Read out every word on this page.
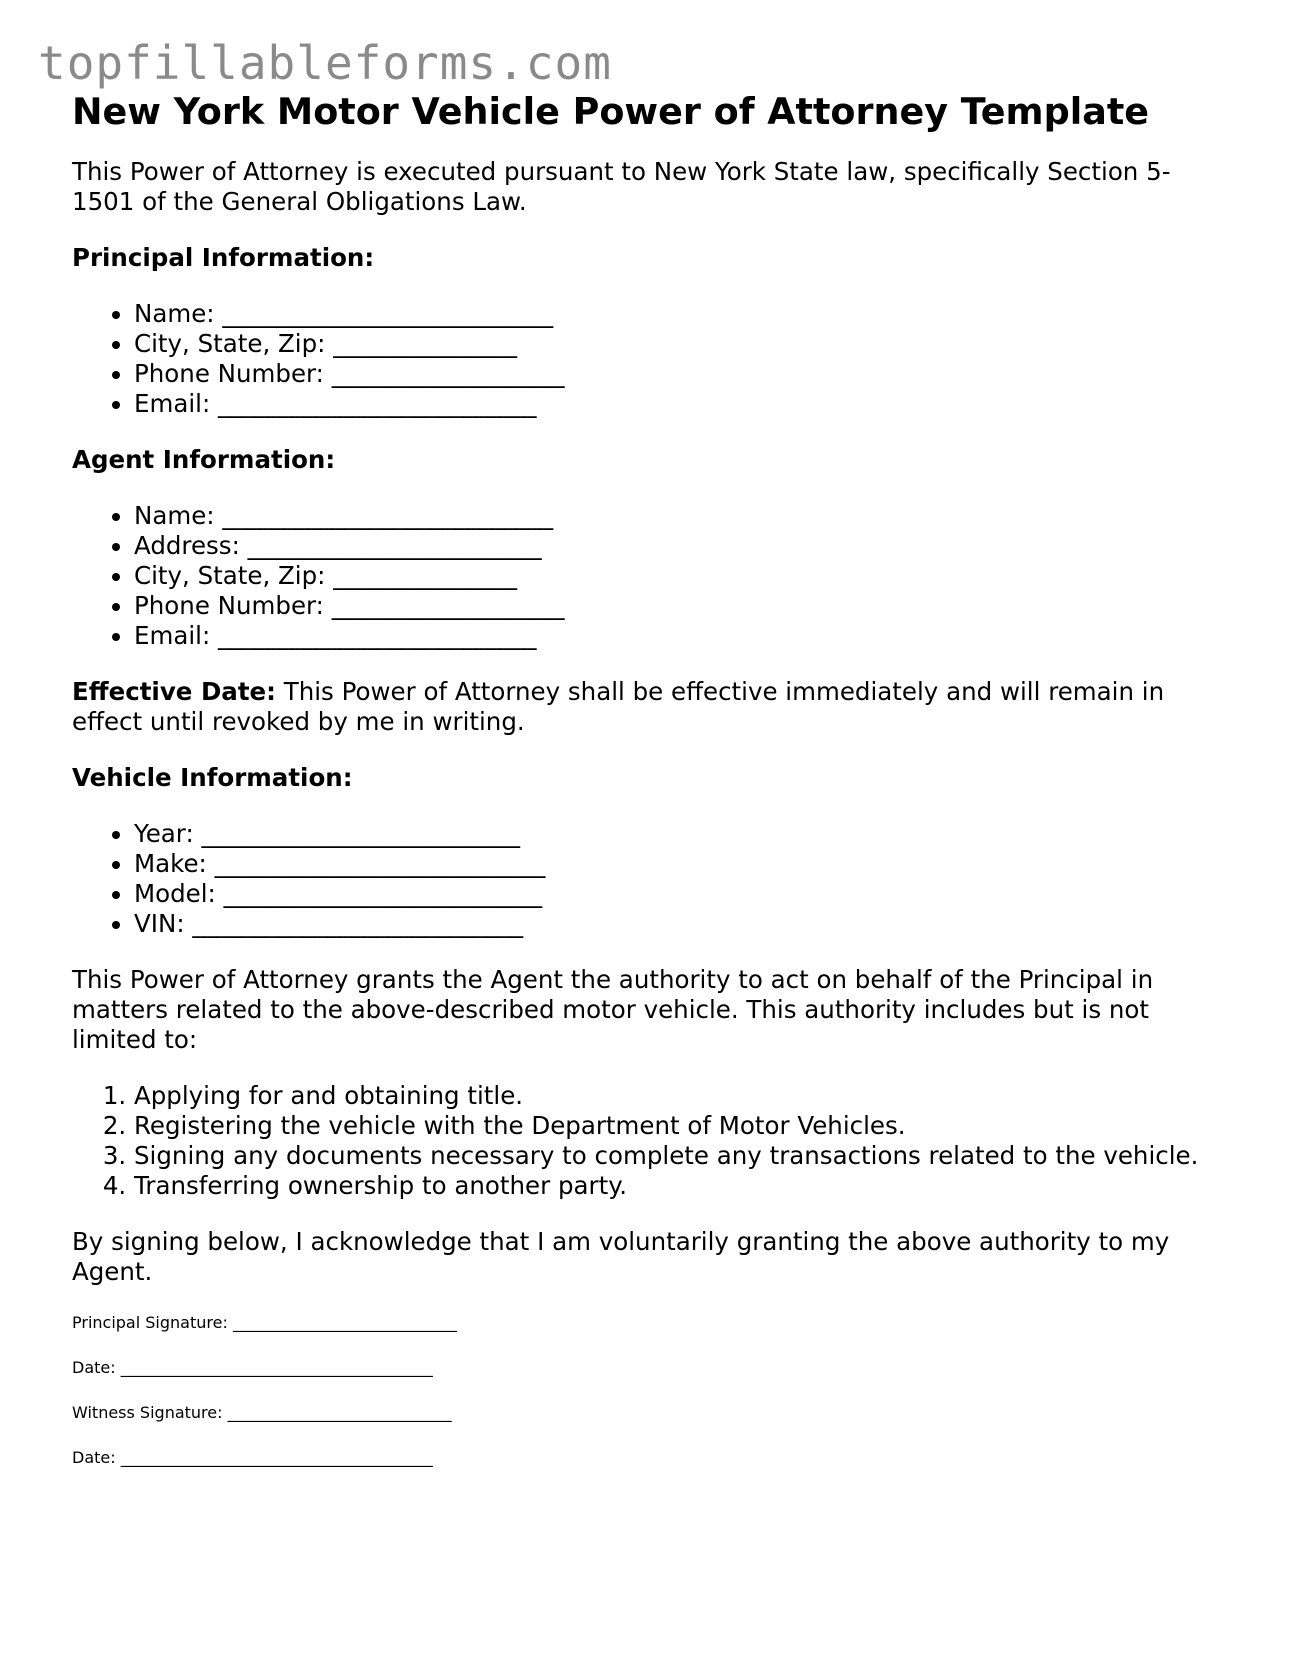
topfillableforms.com
New York Motor Vehicle Power of Attorney Template

This Power of Attorney is executed pursuant to New York State law, specifically Section 5-1501 of the General Obligations Law.

Principal Information:

• Name: ___________________________
• City, State, Zip: _______________
• Phone Number: ___________________
• Email: __________________________

Agent Information:

• Name: ___________________________
• Address: ________________________
• City, State, Zip: _______________
• Phone Number: ___________________
• Email: __________________________

Effective Date: This Power of Attorney shall be effective immediately and will remain in effect until revoked by me in writing.

Vehicle Information:

• Year: __________________________
• Make: ___________________________
• Model: __________________________
• VIN: ___________________________

This Power of Attorney grants the Agent the authority to act on behalf of the Principal in matters related to the above-described motor vehicle. This authority includes but is not limited to:

1. Applying for and obtaining title.
2. Registering the vehicle with the Department of Motor Vehicles.
3. Signing any documents necessary to complete any transactions related to the vehicle.
4. Transferring ownership to another party.

By signing below, I acknowledge that I am voluntarily granting the above authority to my Agent.

Principal Signature: ____________________________
Date: _______________________________________
Witness Signature: ____________________________
Date: _______________________________________
